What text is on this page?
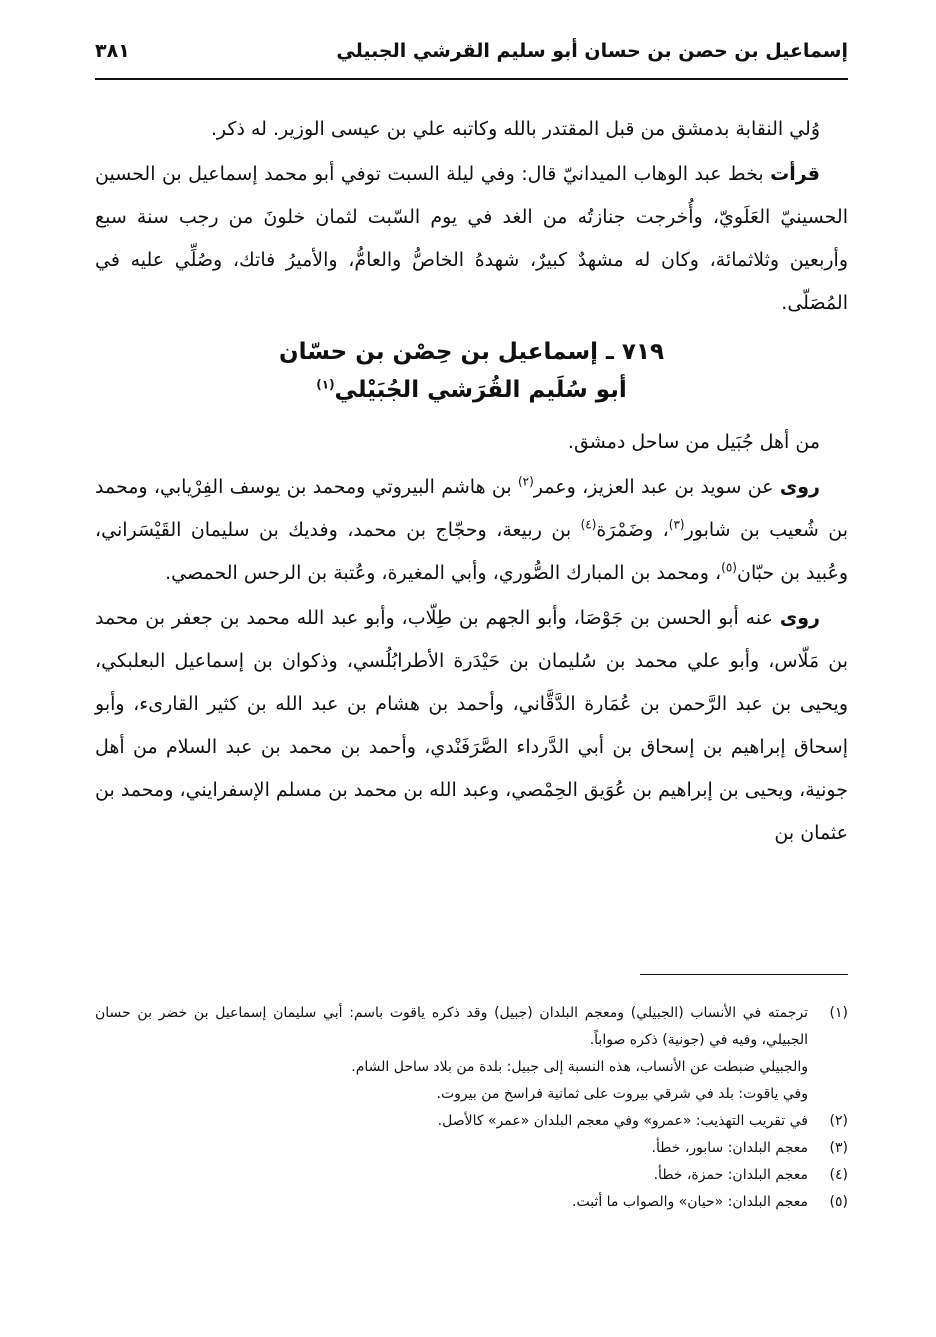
إسماعيل بن حصن بن حسان أبو سليم القرشي الجبيلي
٣٨١

وُلي النقابة بدمشق من قبل المقتدر بالله وكاتبه علي بن عيسى الوزير. له ذكر.

قرأت بخط عبد الوهاب الميدانيّ قال: وفي ليلة السبت توفي أبو محمد إسماعيل بن الحسين الحسينيّ العَلَويّ، وأُخرجت جنازتُه من الغد في يوم السّبت لثمان خلونَ من رجب سنة سبع وأربعين وثلاثمائة، وكان له مشهدٌ كبيرٌ، شهدهُ الخاصُّ والعامُّ، والأميرُ فاتك، وصُلِّي عليه في المُصَلّى.

٧١٩ ـ إسماعيل بن حِصْن بن حسّان
أبو سُلَيم القُرَشي الجُبَيْلي$^{(١)}$

من أهل جُبَيل من ساحل دمشق.

روى عن سويد بن عبد العزيز، وعمر$^{(٢)}$ بن هاشم البيروتي ومحمد بن يوسف الفِرْيابي، ومحمد بن شُعيب بن شابور$^{(٣)}$، وضَمْرَة$^{(٤)}$ بن ربيعة، وحجّاج بن محمد، وفديك بن سليمان القَيْسَراني، وعُبيد بن حبّان$^{(٥)}$، ومحمد بن المبارك الصُّوري، وأبي المغيرة، وعُتبة بن الرحس الحمصي.

روى عنه أبو الحسن بن جَوْصَا، وأبو الجهم بن طِلّاب، وأبو عبد الله محمد بن جعفر بن محمد بن مَلّاس، وأبو علي محمد بن سُليمان بن حَيْدَرة الأطرابُلُسي، وذكوان بن إسماعيل البعلبكي، ويحيى بن عبد الرَّحمن بن عُمَارة الدَّقَّاني، وأحمد بن هشام بن عبد الله بن كثير القارىء، وأبو إسحاق إبراهيم بن إسحاق بن أبي الدَّرداء الصَّرَفَنْدي، وأحمد بن محمد بن عبد السلام من أهل جونية، ويحيى بن إبراهيم بن عُوَيق الحِمْصي، وعبد الله بن محمد بن مسلم الإسفرايني، ومحمد بن عثمان بن

(١)

ترجمته في الأنساب (الجبيلي) ومعجم البلدان (جبيل) وقد ذكره ياقوت باسم: أبي سليمان إسماعيل بن خضر بن حسان الجبيلي، وفيه في (جونية) ذكره صواباً.

والجبيلي ضبطت عن الأنساب، هذه النسبة إلى جبيل: بلدة من بلاد ساحل الشام.

وفي ياقوت: بلد في شرقي بيروت على ثمانية فراسخ من بيروت.

(٢)

في تقريب التهذيب: «عمرو» وفي معجم البلدان «عمر» كالأصل.

(٣)

معجم البلدان: سابور، خطأ.

(٤)

معجم البلدان: حمزة، خطأ.

(٥)

معجم البلدان: «حيان» والصواب ما أثبت.
